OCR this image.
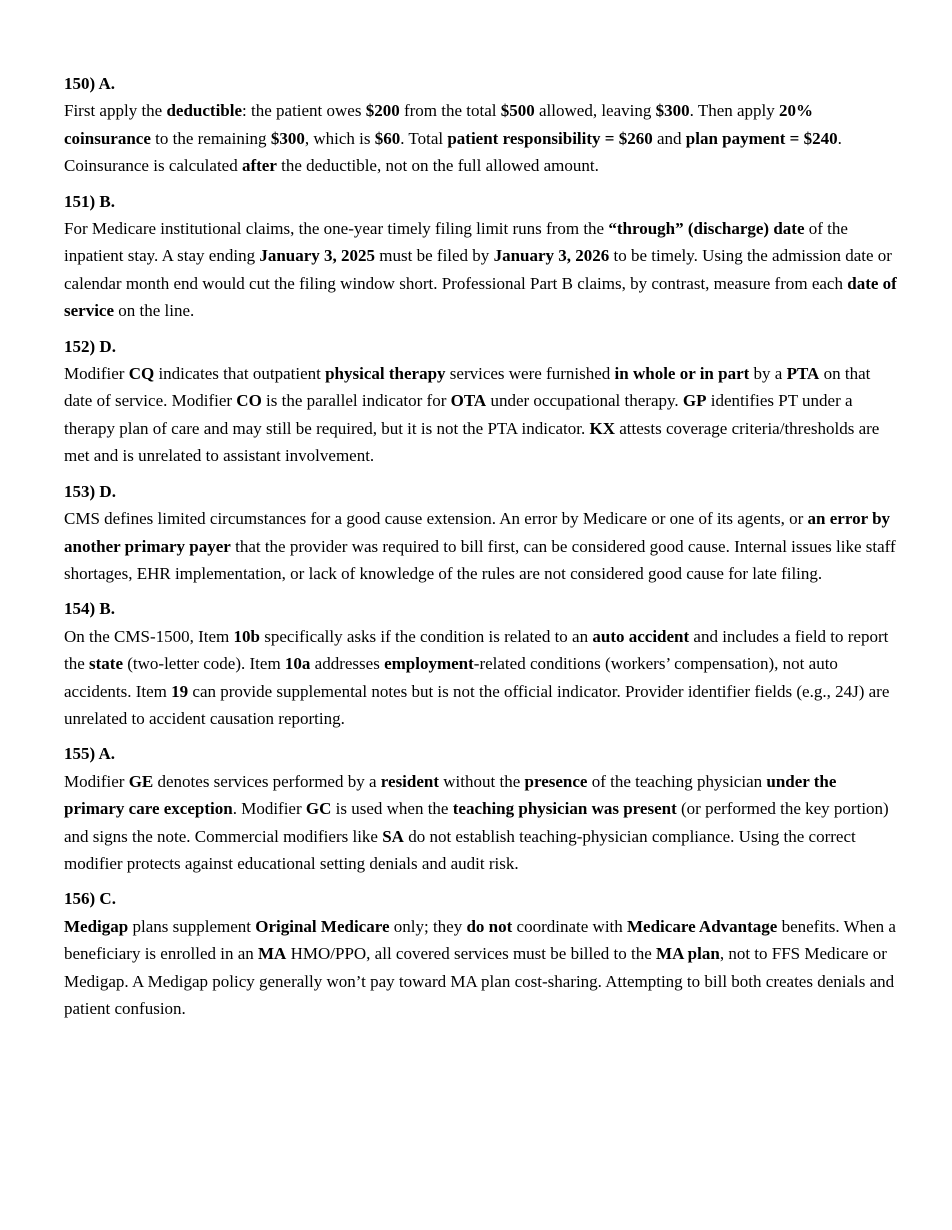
150) A.

First apply the deductible: the patient owes $200 from the total $500 allowed, leaving $300. Then apply 20% coinsurance to the remaining $300, which is $60. Total patient responsibility = $260 and plan payment = $240. Coinsurance is calculated after the deductible, not on the full allowed amount.

151) B.

For Medicare institutional claims, the one-year timely filing limit runs from the “through” (discharge) date of the inpatient stay. A stay ending January 3, 2025 must be filed by January 3, 2026 to be timely. Using the admission date or calendar month end would cut the filing window short. Professional Part B claims, by contrast, measure from each date of service on the line.

152) D.

Modifier CQ indicates that outpatient physical therapy services were furnished in whole or in part by a PTA on that date of service. Modifier CO is the parallel indicator for OTA under occupational therapy. GP identifies PT under a therapy plan of care and may still be required, but it is not the PTA indicator. KX attests coverage criteria/thresholds are met and is unrelated to assistant involvement.

153) D.

CMS defines limited circumstances for a good cause extension. An error by Medicare or one of its agents, or an error by another primary payer that the provider was required to bill first, can be considered good cause. Internal issues like staff shortages, EHR implementation, or lack of knowledge of the rules are not considered good cause for late filing.

154) B.

On the CMS-1500, Item 10b specifically asks if the condition is related to an auto accident and includes a field to report the state (two-letter code). Item 10a addresses employment-related conditions (workers’ compensation), not auto accidents. Item 19 can provide supplemental notes but is not the official indicator. Provider identifier fields (e.g., 24J) are unrelated to accident causation reporting.

155) A.

Modifier GE denotes services performed by a resident without the presence of the teaching physician under the primary care exception. Modifier GC is used when the teaching physician was present (or performed the key portion) and signs the note. Commercial modifiers like SA do not establish teaching-physician compliance. Using the correct modifier protects against educational setting denials and audit risk.

156) C.

Medigap plans supplement Original Medicare only; they do not coordinate with Medicare Advantage benefits. When a beneficiary is enrolled in an MA HMO/PPO, all covered services must be billed to the MA plan, not to FFS Medicare or Medigap. A Medigap policy generally won’t pay toward MA plan cost-sharing. Attempting to bill both creates denials and patient confusion.
